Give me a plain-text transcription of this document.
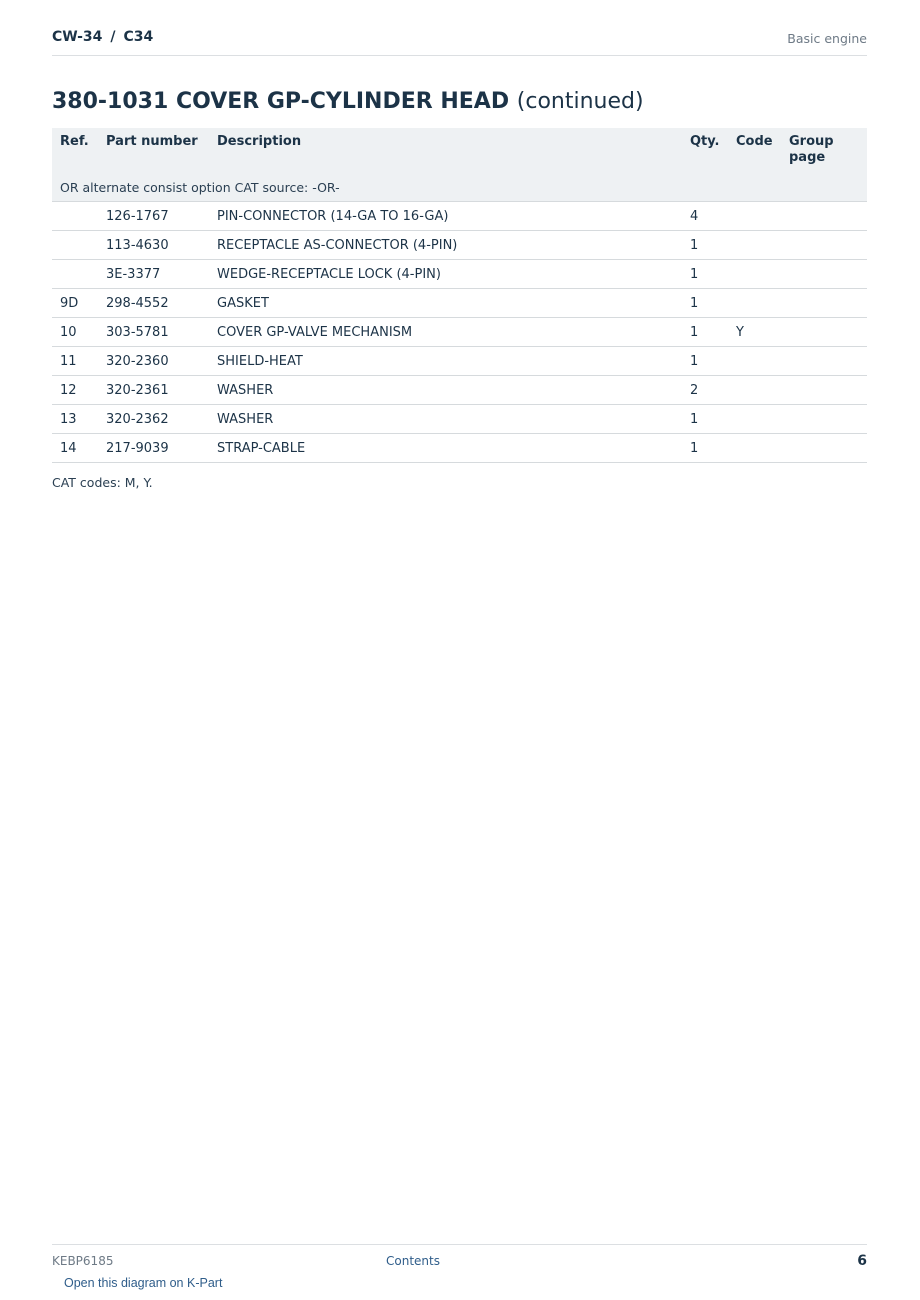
CW-34 / C34	Basic engine
380-1031 COVER GP-CYLINDER HEAD (continued)
Ref.	Part number	Description	Qty.	Code	Group
page
OR alternate consist option CAT source: -OR-					
	126-1767	PIN-CONNECTOR (14-GA TO 16-GA)	4		
	113-4630	RECEPTACLE AS-CONNECTOR (4-PIN)	1		
	3E-3377	WEDGE-RECEPTACLE LOCK (4-PIN)	1		
9D	298-4552	GASKET	1		
10	303-5781	COVER GP-VALVE MECHANISM	1	Y	
11	320-2360	SHIELD-HEAT	1		
12	320-2361	WASHER	2		
13	320-2362	WASHER	1		
14	217-9039	STRAP-CABLE	1		
CAT codes: M, Y.
KEBP6185	Contents	6
Open this diagram on K-Part
